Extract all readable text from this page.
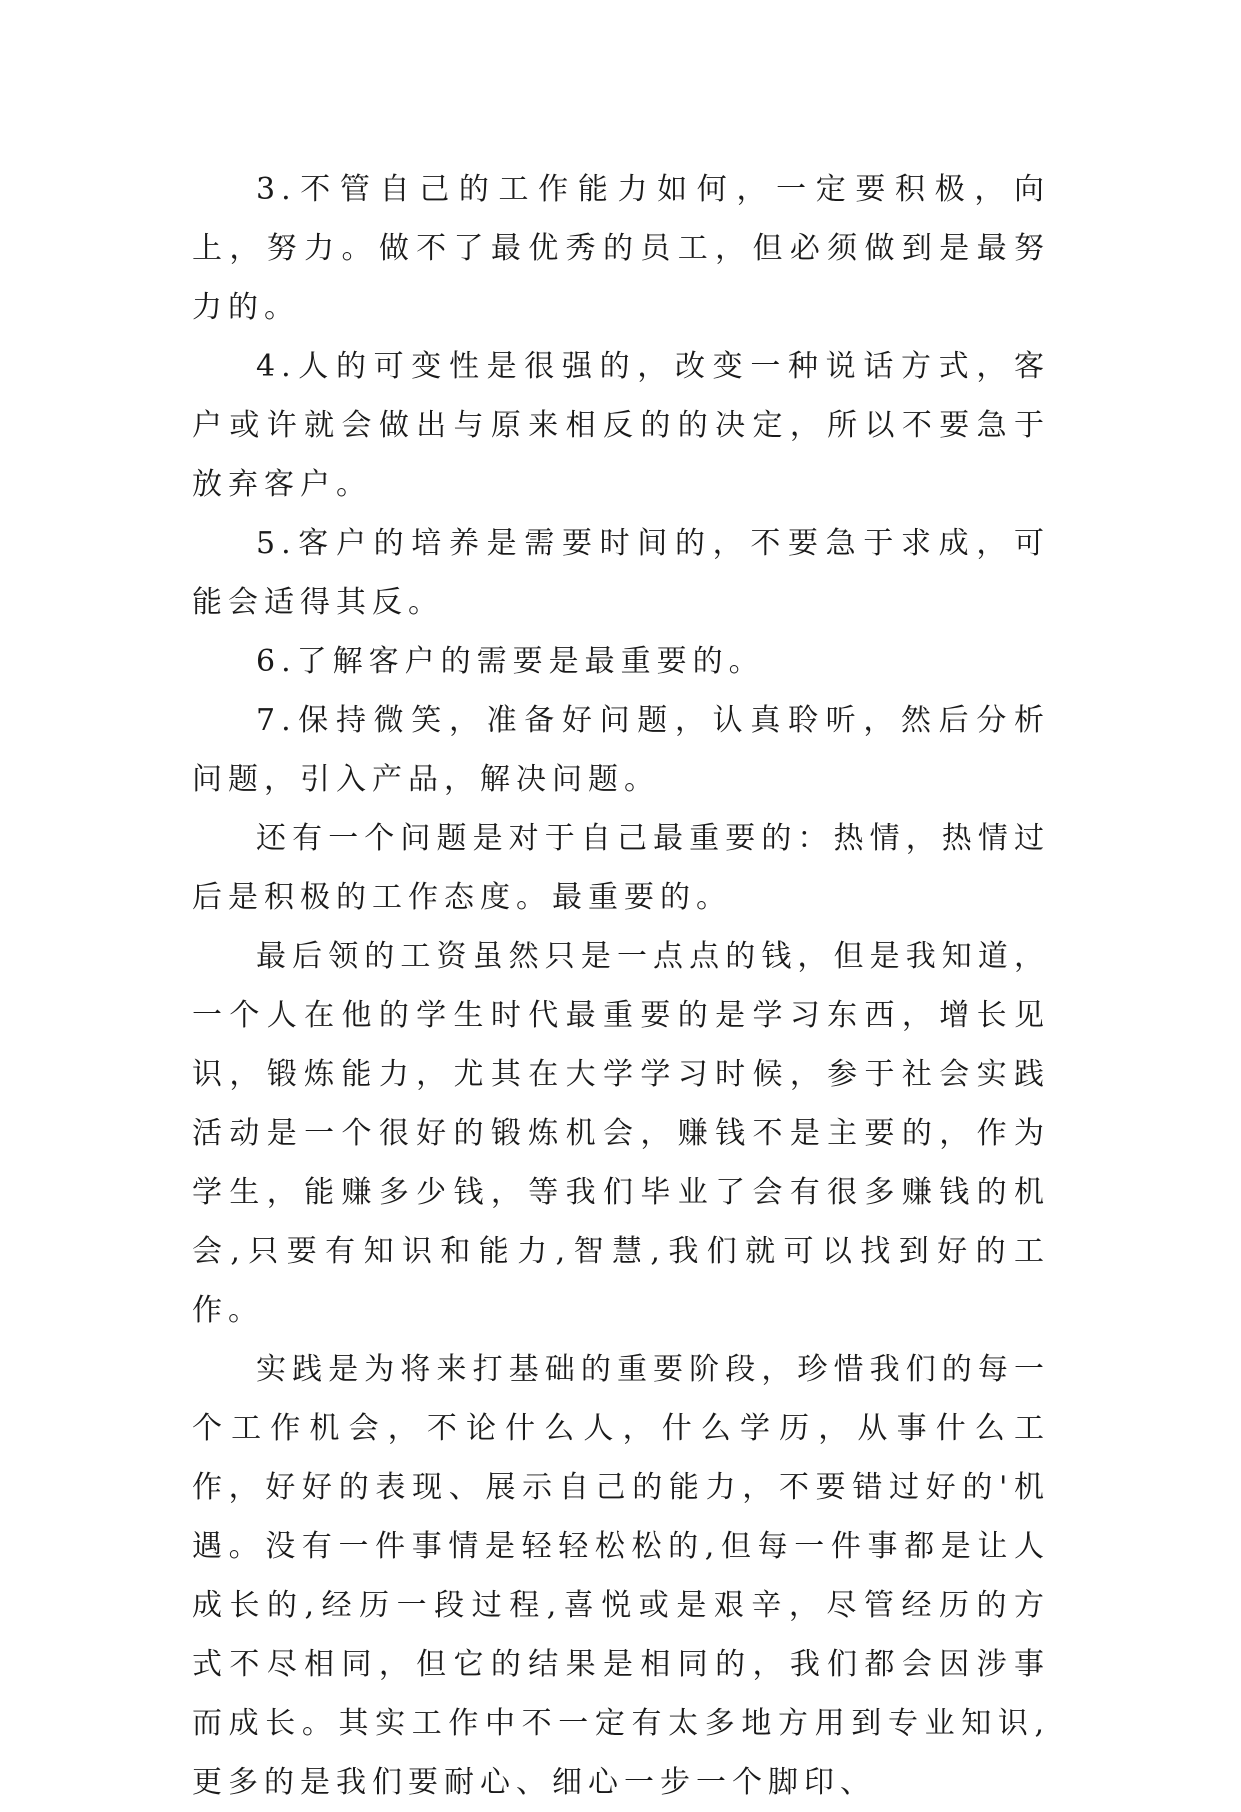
3.不管自己的工作能力如何，一定要积极，向上，努力。做不了最优秀的员工，但必须做到是最努力的。

4.人的可变性是很强的，改变一种说话方式，客户或许就会做出与原来相反的的决定，所以不要急于放弃客户。

5.客户的培养是需要时间的，不要急于求成，可能会适得其反。

6.了解客户的需要是最重要的。

7.保持微笑，准备好问题，认真聆听，然后分析问题，引入产品，解决问题。

还有一个问题是对于自己最重要的：热情，热情过后是积极的工作态度。最重要的。

最后领的工资虽然只是一点点的钱，但是我知道，一个人在他的学生时代最重要的是学习东西，增长见识，锻炼能力，尤其在大学学习时候，参于社会实践活动是一个很好的锻炼机会，赚钱不是主要的，作为学生，能赚多少钱，等我们毕业了会有很多赚钱的机会,只要有知识和能力,智慧,我们就可以找到好的工作。

实践是为将来打基础的重要阶段，珍惜我们的每一个工作机会，不论什么人，什么学历，从事什么工作，好好的表现、展示自己的能力，不要错过好的'机遇。没有一件事情是轻轻松松的,但每一件事都是让人成长的,经历一段过程,喜悦或是艰辛，尽管经历的方式不尽相同，但它的结果是相同的，我们都会因涉事而成长。其实工作中不一定有太多地方用到专业知识,更多的是我们要耐心、细心一步一个脚印、
